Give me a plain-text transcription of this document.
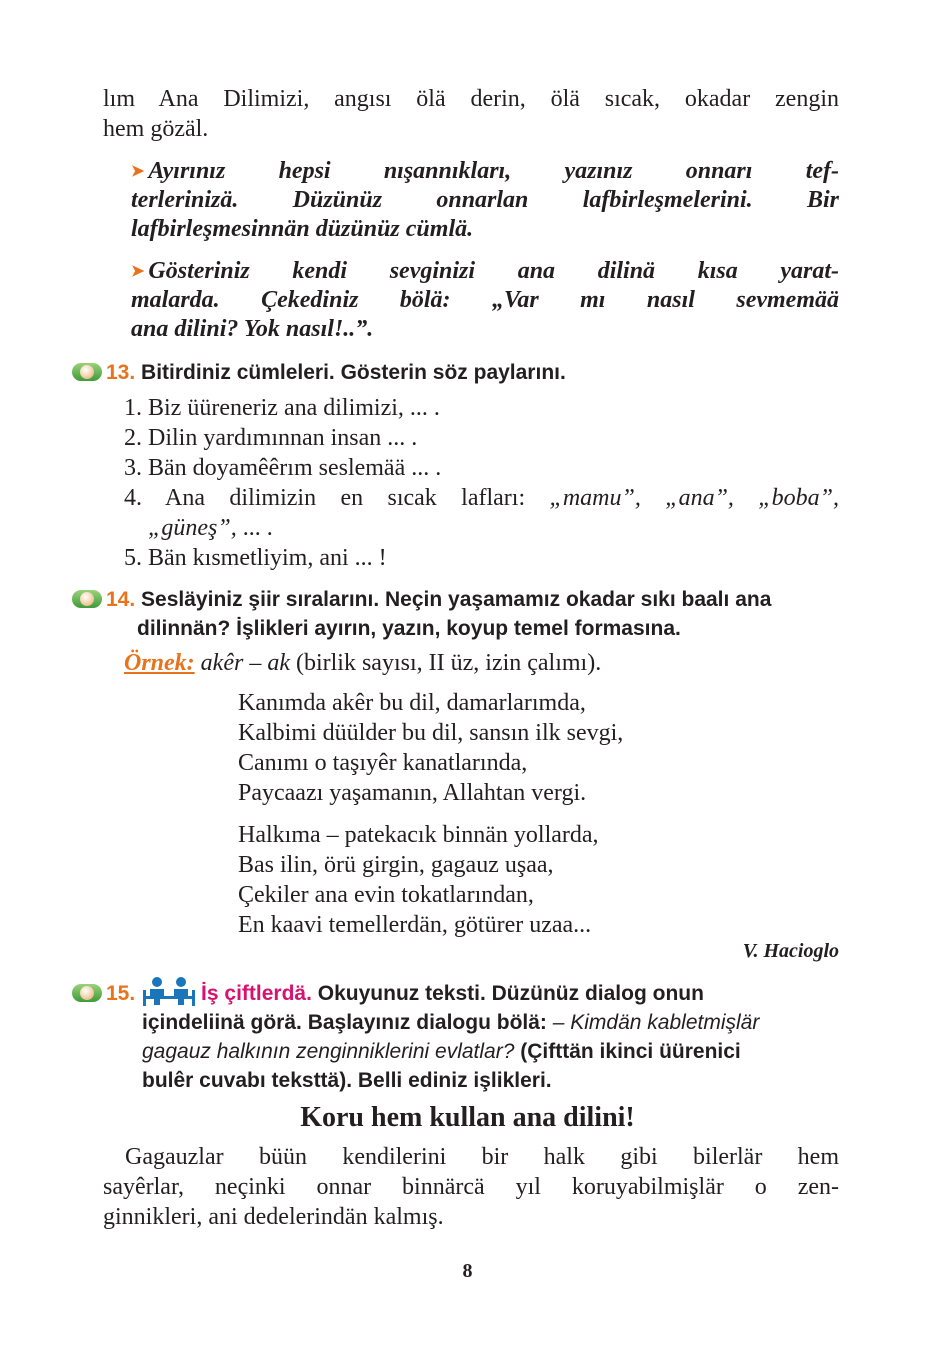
lım Ana Dilimizi, angısı ölä derin, ölä sıcak, okadar zengin
hem gözäl.
➤ Ayırınız hepsi nışannıkları, yazınız onnarı tef-
terlerinizä. Düzünüz onnarlan lafbirleşmelerini. Bir
lafbirleşmesinnän düzünüz cümlä.
➤ Gösteriniz kendi sevginizi ana dilinä kısa yarat-
malarda. Çekediniz bölä: „Var mı nasıl sevmemää
ana dilini? Yok nasıl!..”.
13. Bitirdiniz cümleleri. Gösterin söz paylarını.
1. Biz üüreneriz ana dilimizi, ... .
2. Dilin yardımınnan insan ... .
3. Bän doyamêêrım seslemää ... .
4. Ana dilimizin en sıcak lafları: „mamu”, „ana”, „boba”,
„güneş”, ... .
5. Bän kısmetliyim, ani ... !
14. Sesläyiniz şiir sıralarını. Neçin yaşamamız okadar sıkı baalı ana
dilinnän? İşlikleri ayırın, yazın, koyup temel formasına.
Örnek: akêr – ak (birlik sayısı, II üz, izin çalımı).
Kanımda akêr bu dil, damarlarımda,
Kalbimi düülder bu dil, sansın ilk sevgi,
Canımı o taşıyêr kanatlarında,
Paycaazı yaşamanın, Allahtan vergi.
Halkıma – patekacık binnän yollarda,
Bas ilin, örü girgin, gagauz uşaa,
Çekiler ana evin tokatlarından,
En kaavi temellerdän, götürer uzaa...
V. Hacioglo
15.	İş çiftlerdä. Okuyunuz teksti. Düzünüz dialog onun
içindeliinä görä. Başlayınız dialogu bölä: – Kimdän kabletmişlär
gagauz halkının zenginniklerini evlatlar? (Çifttän ikinci üürenici
bulêr cuvabı teksttä). Belli ediniz işlikleri.
Koru hem kullan ana dilini!
Gagauzlar büün kendilerini bir halk gibi bilerlär hem
sayêrlar, neçinki onnar binnärcä yıl koruyabilmişlär o zen-
ginnikleri, ani dedelerindän kalmış.
8
